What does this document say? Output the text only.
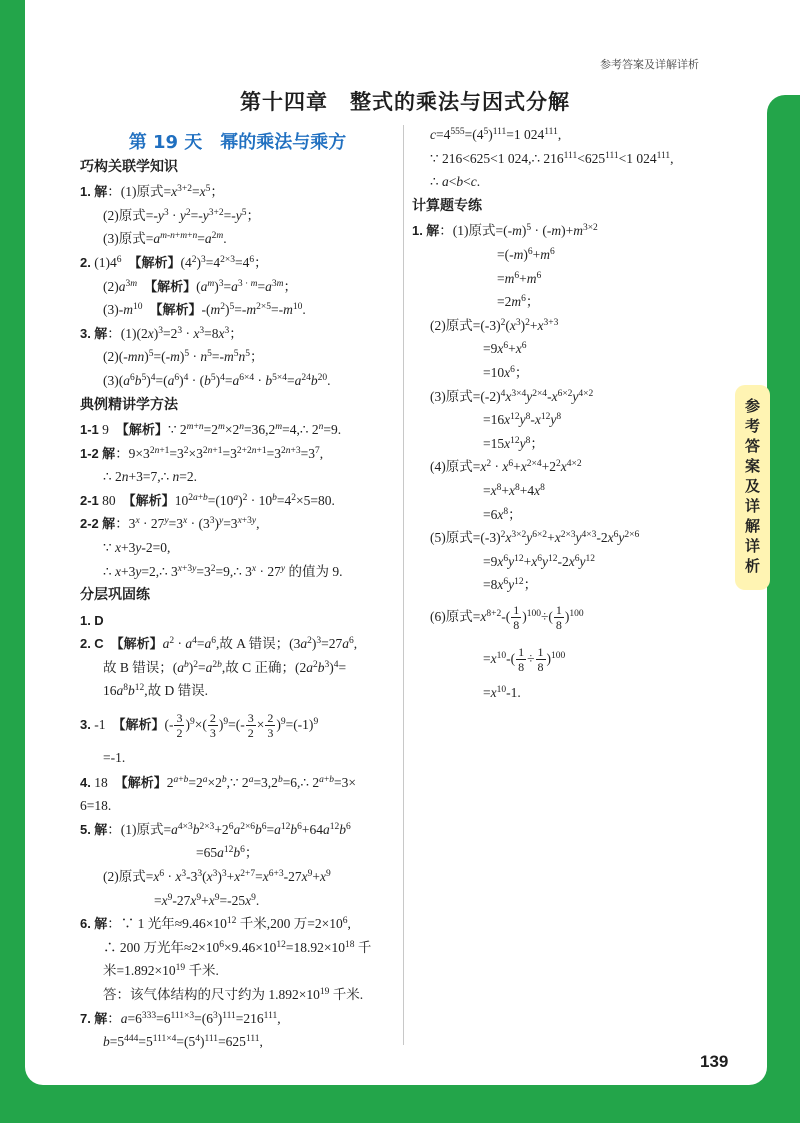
参考答案及详解详析
第十四章　整式的乘法与因式分解
第 19 天　幂的乘法与乘方
参考答案及详解详析
巧构关联学知识
1. 解：(1)原式$=x^{3+2}=x^5$；
(2)原式$=-y^3 \cdot y^2=-y^{3+2}=-y^5$；
(3)原式$=a^{m-n+m+n}=a^{2m}$.
2. $(1)4^6$　 【解析】$(4^2)^3=4^{2\times 3}=4^6$；
$(2)a^{3m}$　 【解析】$(a^m)^3=a^{3 \cdot m}=a^{3m}$；
$(3)-m^{10}$　 【解析】$-(m^2)^5=-m^{2\times 5}=-m^{10}$.
3. 解：$(1)(2x)^3=2^3 \cdot x^3=8x^3$；
$(2)(-mn)^5=(-m)^5 \cdot n^5=-m^5n^5$；
$(3)(a^6b^5)^4=(a^6)^4 \cdot (b^5)^4=a^{6\times 4} \cdot b^{5\times 4}=a^{24}b^{20}$.
典例精讲学方法
1-1 9　【解析】∵ $2^{m+n}=2^m\times 2^n=36,2^m=4,\therefore$ $2^n=9$.
1-2 解：$9\times 3^{2n+1}=3^2\times 3^{2n+1}=3^{2+2n+1}=3^{2n+3}=3^7$,
∴ 2n+3=7,∴ n=2.
2-1 80　【解析】$10^{2a+b}=(10^a)^2 \cdot 10^b=4^2\times 5=80$.
2-2 解：$3^x \cdot 27^y=3^x \cdot (3^3)^y=3^{x+3y}$,
∵ x+3y-2=0,
∴ x+3y=2,∴ $3^{x+3y}=3^2=9,\therefore$ $3^x \cdot 27^y$ 的值为 9.
分层巩固练
1. D
2. C　 【解析】$a^2 \cdot a^4=a^6$,故 A 错误；$(3a^2)^3=27a^6$,
故 B 错误；$(a^b)^2=a^{2b}$,故 C 正确；$(2a^2b^3)^4=$
$16a^8b^{12}$,故 D 错误.
3. -1　【解析】(- $\frac{3}{2} )^9\times( \frac{2}{3} )^9=(- \frac{3}{2} \times \frac{2}{3} )^9=(-1)^9$
=-1.
4. 18　【解析】$2^{a+b}=2^a\times 2^b,\because$ $2^a=3,2^b=6,\therefore$ $2^{a+b}=3\times$
6=18.
5. 解：(1)原式$=a^{4\times 3}b^{2\times 3}+2^6a^{2\times 6}b^6=a^{12}b^6+64a^{12}b^6$
$=65a^{12}b^6$；
(2)原式$=x^6 \cdot x^3-3^3(x^3)^3+x^{2+7}=x^{6+3}-27x^9+x^9$
$=x^9-27x^9+x^9=-25x^9$.
6. 解：∵ 1 光年$\approx 9.46\times 10^{12}$ 千米,200 万$=2\times 10^6$,
∴ 200 万光年$\approx 2\times 10^6\times 9.46\times 10^{12}=18.92\times 10^{18}$ 千
米$=1.892\times 10^{19}$ 千米.
答：该气体结构的尺寸约为 $1.892\times 10^{19}$ 千米.
7. 解：$a=6^{333}=6^{111\times 3}=(6^3)^{111}=216^{111}$,
$b=5^{444}=5^{111\times 4}=(5^4)^{111}=625^{111}$,
$c=4^{555}=(4^5)^{111}=1$ $024^{111}$,
∵ 216<625<1 024,∴ $216^{111}<625^{111}<1$ $024^{111}$,
∴ a<b<c.
计算题专练
1. 解：(1)原式$=(-m)^5 \cdot (-m)+m^{3\times 2}$
$=(-m)^6+m^6$
$=m^6+m^6$
$=2m^6$；
(2)原式$=(-3)^2(x^3)^2+x^{3+3}$
$=9x^6+x^6$
$=10x^6$；
(3)原式$=(-2)^4x^{3\times 4}y^{2\times 4}-x^{6\times 2}y^{4\times 2}$
$=16x^{12}y^8-x^{12}y^8$
$=15x^{12}y^8$；
(4)原式$=x^2 \cdot x^6+x^{2\times 4}+2^2x^{4\times 2}$
$=x^8+x^8+4x^8$
$=6x^8$；
(5)原式$=(-3)^2x^{3\times 2}y^{6\times 2}+x^{2\times 3}y^{4\times 3}-2x^6y^{2\times 6}$
$=9x^6y^{12}+x^6y^{12}-2x^6y^{12}$
$=8x^6y^{12}$；
(6)原式$=x^{8+2}-( \frac{1}{8} )^{100}\div( \frac{1}{8} )^{100}$
$=x^{10}-( \frac{1}{8} \div \frac{1}{8} )^{100}$
$=x^{10}-1$.
139
